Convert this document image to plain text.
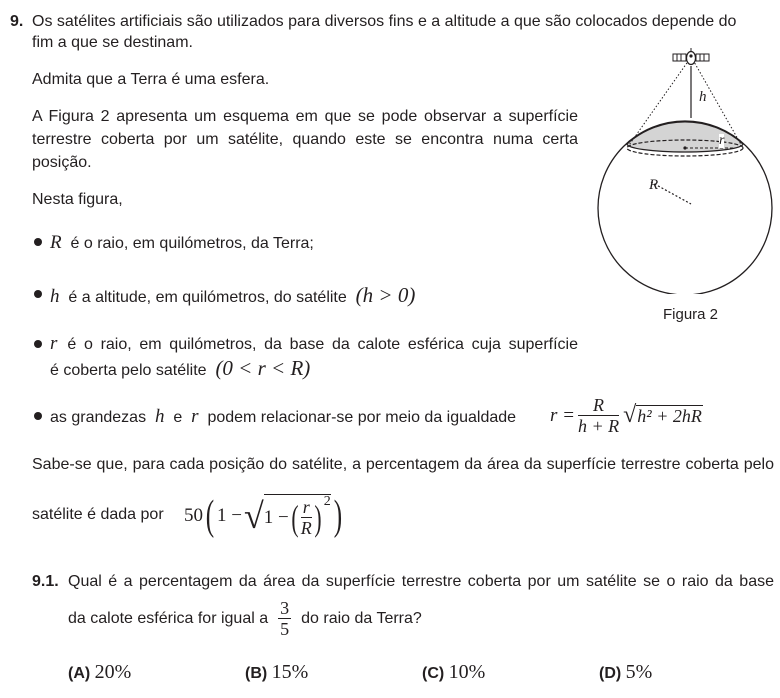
9. Os satélites artificiais são utilizados para diversos fins e a altitude a que são colocados depende do
fim a que se destinam.
Admita que a Terra é uma esfera.
A Figura 2 apresenta um esquema em que se pode observar a superfície
terrestre coberta por um satélite, quando este se encontra numa certa
posição.
Nesta figura,
R é o raio, em quilómetros, da Terra;
h é a altitude, em quilómetros, do satélite (h > 0)
r é o raio, em quilómetros, da base da calote esférica cuja superfície
é coberta pelo satélite (0 < r < R)
as grandezas h e r podem relacionar-se por meio da igualdade $r = \frac{R}{h + R}$ √ h² + 2hR
Sabe-se que, para cada posição do satélite, a percentagem da área da superfície terrestre coberta pelo
satélite é dada por 50 ( 1 − √ 1 − ( $\frac{r}{R}$ ) 2 )
h
r
R
Figura 2
9.1. Qual é a percentagem da área da superfície terrestre coberta por um satélite se o raio da base
da calote esférica for igual a $\frac{3}{5}$ do raio da Terra?
(A) 20%	(B) 15%	(C) 10%	(D) 5%
